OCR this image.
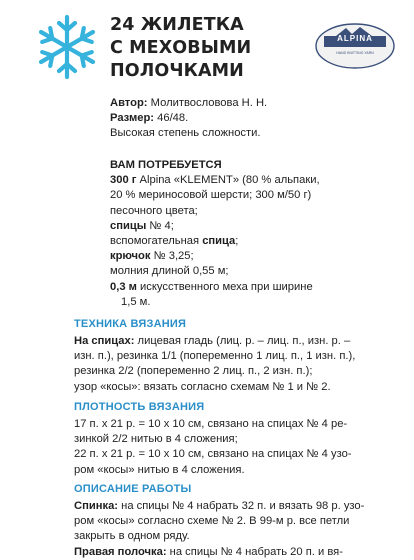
24 ЖИЛЕТКА
С МЕХОВЫМИ
ПОЛОЧКАМИ
ALPINA
HAND KNITTING YARN
Автор: Молитвословова Н. Н.
Размер: 46/48.
Высокая степень сложности.
ВАМ ПОТРЕБУЕТСЯ
300 г Alpina «KLEMENT» (80 % альпаки,
20 % мериносовой шерсти; 300 м/50 г)
песочного цвета;
спицы № 4;
вспомогательная спица;
крючок № 3,25;
молния длиной 0,55 м;
0,3 м искусственного меха при ширине
1,5 м.
ТЕХНИКА ВЯЗАНИЯ
На спицах: лицевая гладь (лиц. р. – лиц. п., изн. р. –
изн. п.), резинка 1/1 (попеременно 1 лиц. п., 1 изн. п.),
резинка 2/2 (попеременно 2 лиц. п., 2 изн. п.);
узор «косы»: вязать согласно схемам № 1 и № 2.
ПЛОТНОСТЬ ВЯЗАНИЯ
17 п. х 21 р. = 10 х 10 см, связано на спицах № 4 ре-
зинкой 2/2 нитью в 4 сложения;
22 п. х 21 р. = 10 х 10 см, связано на спицах № 4 узо-
ром «косы» нитью в 4 сложения.
ОПИСАНИЕ РАБОТЫ
Спинка: на спицы № 4 набрать 32 п. и вязать 98 р. узо-
ром «косы» согласно схеме № 2. В 99-м р. все петли
закрыть в одном ряду.
Правая полочка: на спицы № 4 набрать 20 п. и вя-
